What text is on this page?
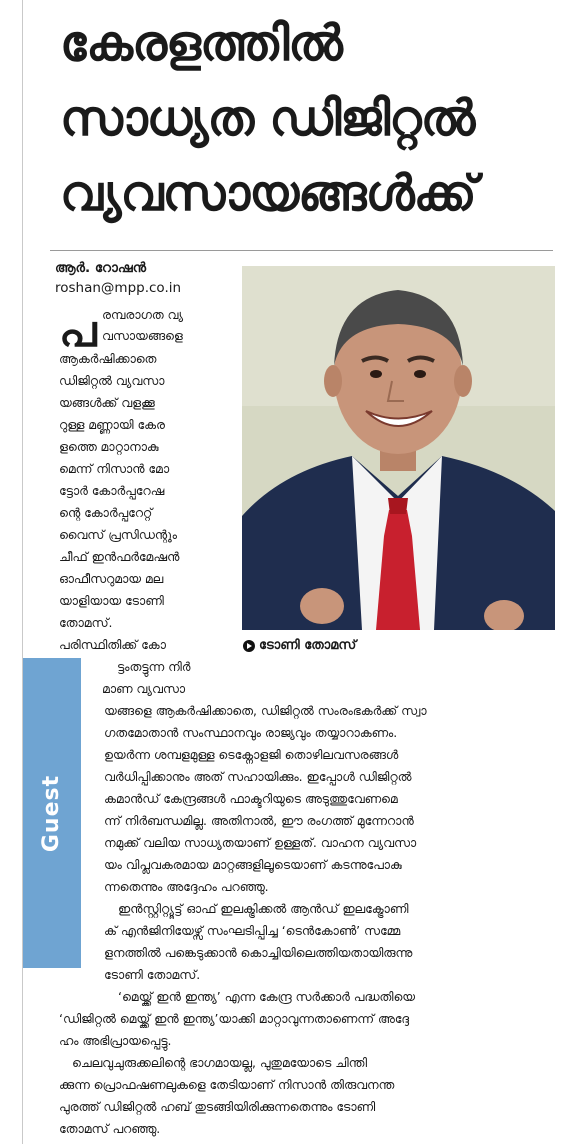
കേരളത്തിൽ
സാധ്യത ഡിജിറ്റൽ
വ്യവസായങ്ങൾക്ക്
ആർ. റോഷൻ
roshan@mpp.co.in
ടോണി തോമസ്
Guest
പ രമ്പരാഗത വ്യ
വസായങ്ങളെ
ആകർഷിക്കാതെ
ഡിജിറ്റൽ വ്യവസാ
യങ്ങൾക്ക് വളക്കൂ
റുള്ള മണ്ണായി കേര
ളത്തെ മാറ്റാനാകു
മെന്ന് നിസാൻ മോ
ട്ടോർ കോർപ്പറേഷ
ന്റെ കോർപ്പറേറ്റ്
വൈസ് പ്രസിഡന്റും
ചീഫ് ഇൻഫർമേഷൻ
ഓഫീസറുമായ മല
യാളിയായ ടോണി
തോമസ്.
പരിസ്ഥിതിക്ക് കോ
ട്ടംതട്ടുന്ന നിർ
മാണ വ്യവസാ
യങ്ങളെ ആകർഷിക്കാതെ, ഡിജിറ്റൽ സംരംഭകർക്ക് സ്വാ
ഗതമോതാൻ സംസ്ഥാനവും രാജ്യവും തയ്യാറാകണം.
ഉയർന്ന ശമ്പളമുള്ള ടെക്നോളജി തൊഴിലവസരങ്ങൾ
വർധിപ്പിക്കാനും അത് സഹായിക്കും. ഇപ്പോൾ ഡിജിറ്റൽ
കമാൻഡ് കേന്ദ്രങ്ങൾ ഫാക്ടറിയുടെ അടുത്തുവേണമെ
ന്ന് നിർബന്ധമില്ല. അതിനാൽ, ഈ രംഗത്ത് മുന്നേറാൻ
നമുക്ക് വലിയ സാധ്യതയാണ് ഉള്ളത്. വാഹന വ്യവസാ
യം വിപ്ലവകരമായ മാറ്റങ്ങളിലൂടെയാണ് കടന്നുപോകു
ന്നതെന്നും അദ്ദേഹം പറഞ്ഞു.
ഇൻസ്റ്റിറ്റ്യൂട്ട് ഓഫ് ഇലക്ട്രിക്കൽ ആൻഡ് ഇലക്ട്രോണി
ക് എൻജിനിയേഴ്സ് സംഘടിപ്പിച്ച ‘ടെൻകോൺ’ സമ്മേ
ളനത്തിൽ പങ്കെടുക്കാൻ കൊച്ചിയിലെത്തിയതായിരുന്നു
ടോണി തോമസ്.
‘മെയ്ക്ക് ഇൻ ഇന്ത്യ’ എന്ന കേന്ദ്ര സർക്കാർ പദ്ധതിയെ
‘ഡിജിറ്റൽ മെയ്ക്ക് ഇൻ ഇന്ത്യ’യാക്കി മാറ്റാവുന്നതാണെന്ന് അദ്ദേ
ഹം അഭിപ്രായപ്പെട്ടു.
ചെലവുചുരുക്കലിന്റെ ഭാഗമായല്ല, പുതുമയോടെ ചിന്തി
ക്കുന്ന പ്രൊഫഷണലുകളെ തേടിയാണ് നിസാൻ തിരുവനന്ത
പുരത്ത് ഡിജിറ്റൽ ഹബ് തുടങ്ങിയിരിക്കുന്നതെന്നും ടോണി
തോമസ് പറഞ്ഞു.
